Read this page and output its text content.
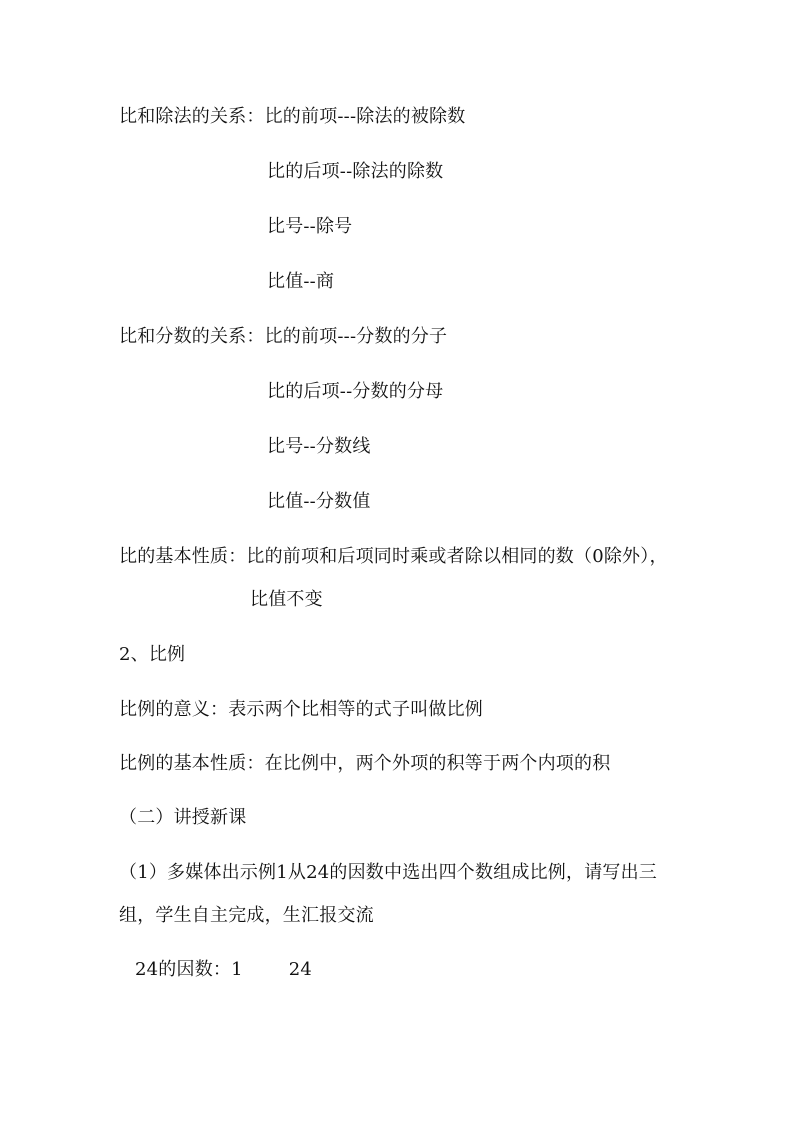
比和除法的关系：比的前项---除法的被除数
比的后项--除法的除数
比号--除号
比值--商
比和分数的关系：比的前项---分数的分子
比的后项--分数的分母
比号--分数线
比值--分数值
比的基本性质：比的前项和后项同时乘或者除以相同的数（0除外），
比值不变
2、比例
比例的意义：表示两个比相等的式子叫做比例
比例的基本性质：在比例中，两个外项的积等于两个内项的积
（二）讲授新课
（1）多媒体出示例1从24的因数中选出四个数组成比例，请写出三
组，学生自主完成，生汇报交流
24的因数：1	24
